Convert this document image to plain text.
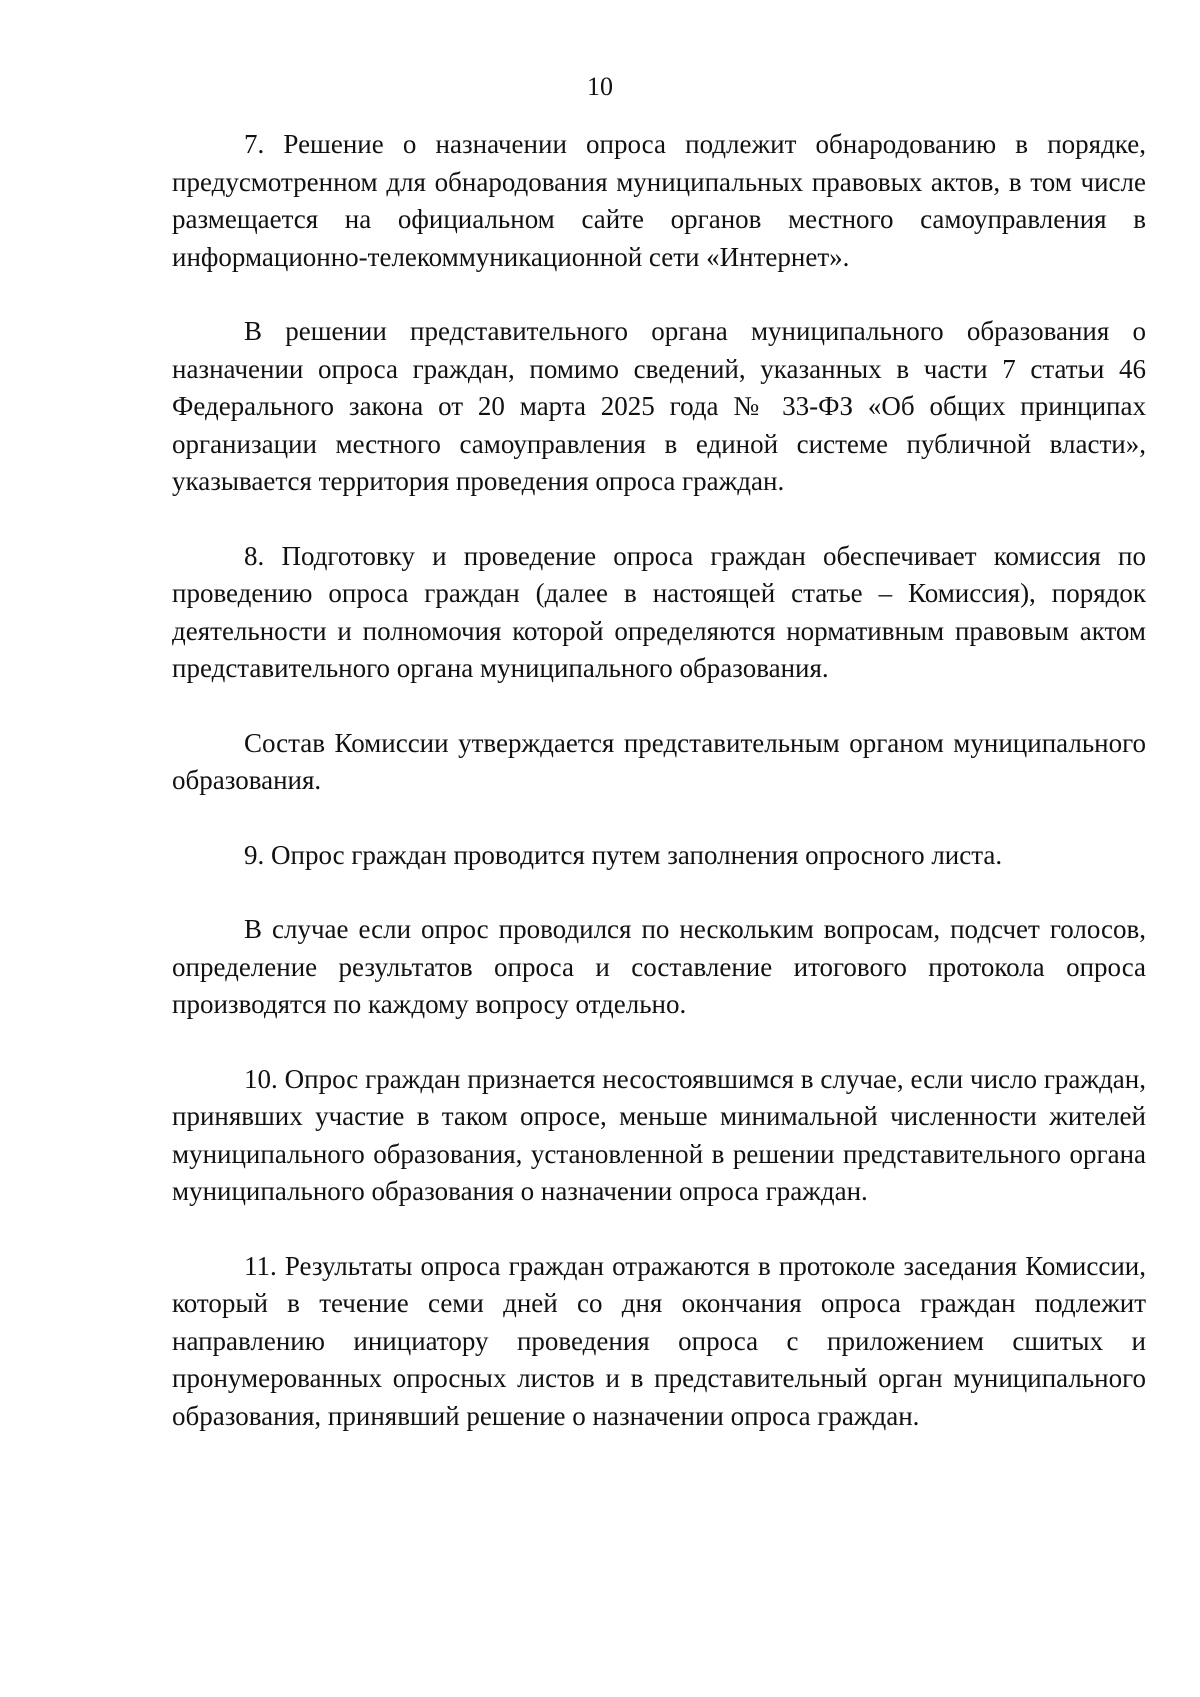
10

7. Решение о назначении опроса подлежит обнародованию в порядке, предусмотренном для обнародования муниципальных правовых актов, в том числе размещается на официальном сайте органов местного самоуправления в информационно-телекоммуникационной сети «Интернет».

В решении представительного органа муниципального образования о назначении опроса граждан, помимо сведений, указанных в части 7 статьи 46 Федерального закона от 20 марта 2025 года № 33-ФЗ «Об общих принципах организации местного самоуправления в единой системе публичной власти», указывается территория проведения опроса граждан.

8. Подготовку и проведение опроса граждан обеспечивает комиссия по проведению опроса граждан (далее в настоящей статье – Комиссия), порядок деятельности и полномочия которой определяются нормативным правовым актом представительного органа муниципального образования.

Состав Комиссии утверждается представительным органом муниципального образования.

9. Опрос граждан проводится путем заполнения опросного листа.

В случае если опрос проводился по нескольким вопросам, подсчет голосов, определение результатов опроса и составление итогового протокола опроса производятся по каждому вопросу отдельно.

10. Опрос граждан признается несостоявшимся в случае, если число граждан, принявших участие в таком опросе, меньше минимальной численности жителей муниципального образования, установленной в решении представительного органа муниципального образования о назначении опроса граждан.

11. Результаты опроса граждан отражаются в протоколе заседания Комиссии, который в течение семи дней со дня окончания опроса граждан подлежит направлению инициатору проведения опроса с приложением сшитых и пронумерованных опросных листов и в представительный орган муниципального образования, принявший решение о назначении опроса граждан.
